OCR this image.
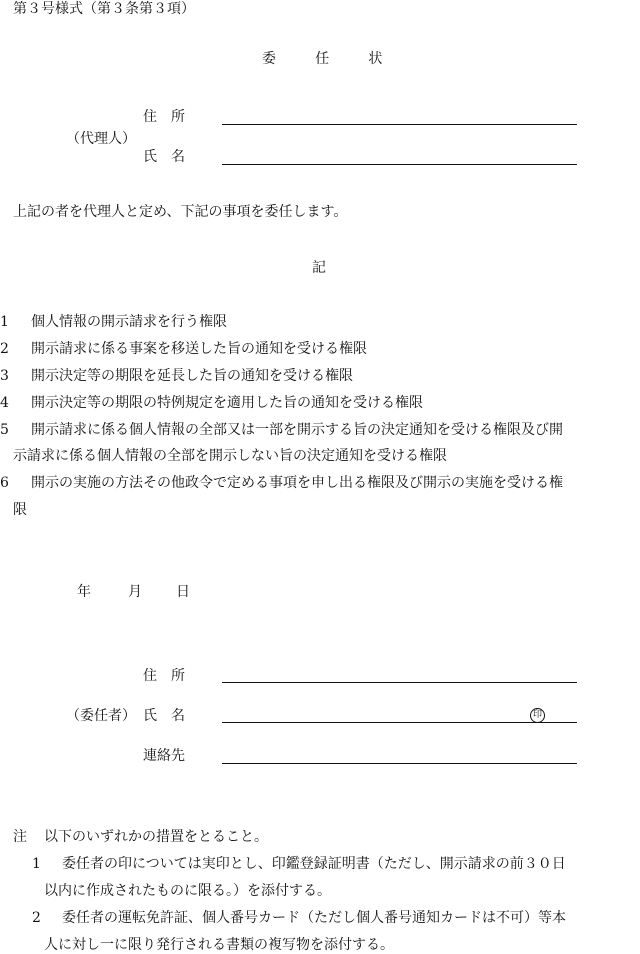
第３号様式（第３条第３項）
委　任　状
住　所
（代理人）
氏　名
上記の者を代理人と定め、下記の事項を委任します。
記
1 個人情報の開示請求を行う権限
2 開示請求に係る事案を移送した旨の通知を受ける権限
3 開示決定等の期限を延長した旨の通知を受ける権限
4 開示決定等の期限の特例規定を適用した旨の通知を受ける権限
5 開示請求に係る個人情報の全部又は一部を開示する旨の決定通知を受ける権限及び開
示請求に係る個人情報の全部を開示しない旨の決定通知を受ける権限
6 開示の実施の方法その他政令で定める事項を申し出る権限及び開示の実施を受ける権
限
年	月 日
住　所
（委任者） 氏　名	印
連絡先
注 以下のいずれかの措置をとること。
1 委任者の印については実印とし、印鑑登録証明書（ただし、開示請求の前３０日
以内に作成されたものに限る。）を添付する。
2 委任者の運転免許証、個人番号カード（ただし個人番号通知カードは不可）等本
人に対し一に限り発行される書類の複写物を添付する。
